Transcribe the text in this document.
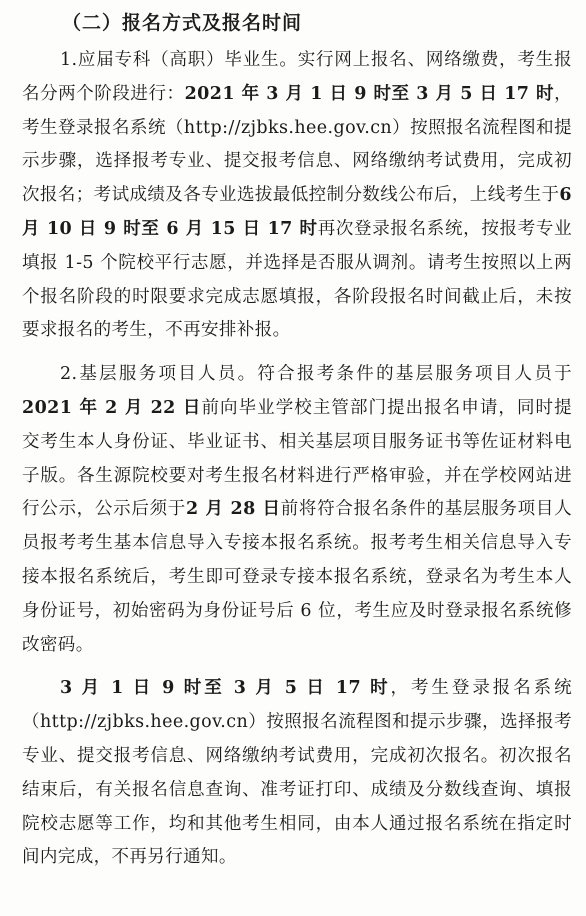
（二）报名方式及报名时间

1.应届专科（高职）毕业生。实行网上报名、网络缴费，考生报名分两个阶段进行：2021 年 3 月 1 日 9 时至 3 月 5 日 17 时，考生登录报名系统（http://zjbks.hee.gov.cn）按照报名流程图和提示步骤，选择报考专业、提交报考信息、网络缴纳考试费用，完成初次报名；考试成绩及各专业选拔最低控制分数线公布后，上线考生于6 月 10 日 9 时至 6 月 15 日 17 时再次登录报名系统，按报考专业填报 1-5 个院校平行志愿，并选择是否服从调剂。请考生按照以上两个报名阶段的时限要求完成志愿填报，各阶段报名时间截止后，未按要求报名的考生，不再安排补报。

2.基层服务项目人员。符合报考条件的基层服务项目人员于2021 年 2 月 22 日前向毕业学校主管部门提出报名申请，同时提交考生本人身份证、毕业证书、相关基层项目服务证书等佐证材料电子版。各生源院校要对考生报名材料进行严格审验，并在学校网站进行公示，公示后须于2 月 28 日前将符合报名条件的基层服务项目人员报考考生基本信息导入专接本报名系统。报考考生相关信息导入专接本报名系统后，考生即可登录专接本报名系统，登录名为考生本人身份证号，初始密码为身份证号后 6 位，考生应及时登录报名系统修改密码。

3 月 1 日 9 时至 3 月 5 日 17 时，考生登录报名系统（http://zjbks.hee.gov.cn）按照报名流程图和提示步骤，选择报考专业、提交报考信息、网络缴纳考试费用，完成初次报名。初次报名结束后，有关报名信息查询、准考证打印、成绩及分数线查询、填报院校志愿等工作，均和其他考生相同，由本人通过报名系统在指定时间内完成，不再另行通知。
